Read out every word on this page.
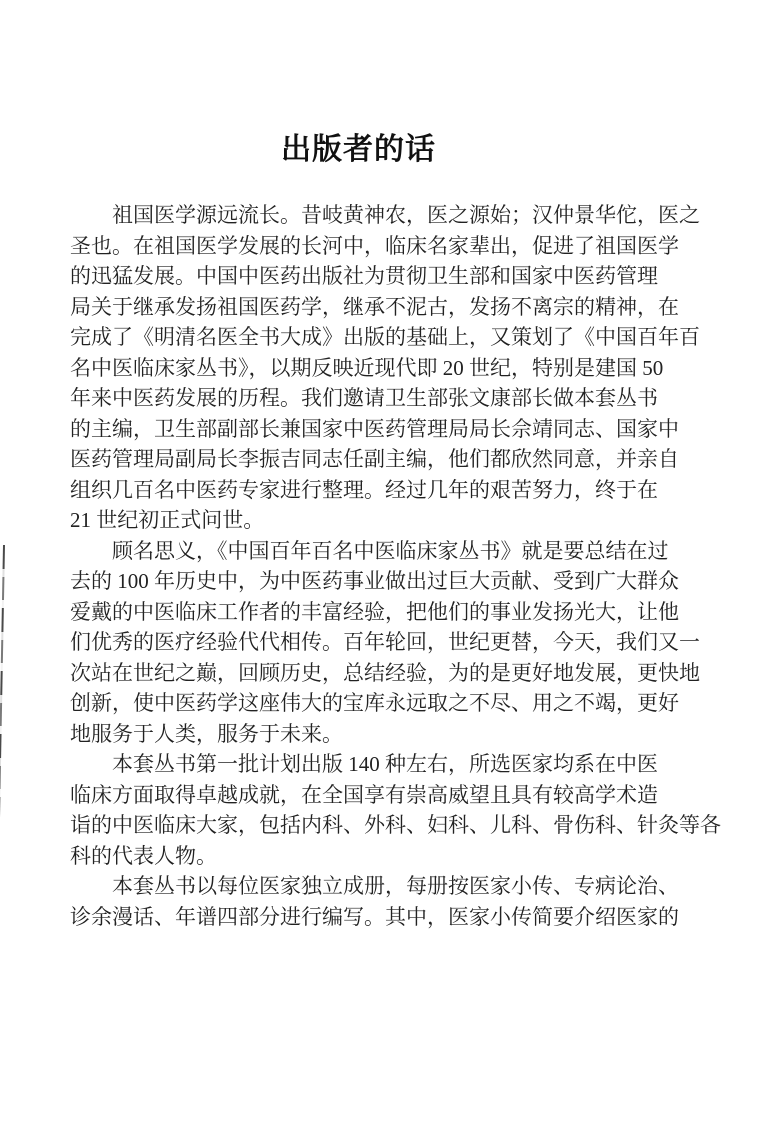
出版者的话
祖国医学源远流长。昔岐黄神农，医之源始；汉仲景华佗，医之
圣也。在祖国医学发展的长河中，临床名家辈出，促进了祖国医学
的迅猛发展。中国中医药出版社为贯彻卫生部和国家中医药管理
局关于继承发扬祖国医药学，继承不泥古，发扬不离宗的精神，在
完成了《明清名医全书大成》出版的基础上，又策划了《中国百年百
名中医临床家丛书》，以期反映近现代即 20 世纪，特别是建国 50
年来中医药发展的历程。我们邀请卫生部张文康部长做本套丛书
的主编，卫生部副部长兼国家中医药管理局局长佘靖同志、国家中
医药管理局副局长李振吉同志任副主编，他们都欣然同意，并亲自
组织几百名中医药专家进行整理。经过几年的艰苦努力，终于在
21 世纪初正式问世。
顾名思义，《中国百年百名中医临床家丛书》就是要总结在过
去的 100 年历史中，为中医药事业做出过巨大贡献、受到广大群众
爱戴的中医临床工作者的丰富经验，把他们的事业发扬光大，让他
们优秀的医疗经验代代相传。百年轮回，世纪更替，今天，我们又一
次站在世纪之巅，回顾历史，总结经验，为的是更好地发展，更快地
创新，使中医药学这座伟大的宝库永远取之不尽、用之不竭，更好
地服务于人类，服务于未来。
本套丛书第一批计划出版 140 种左右，所选医家均系在中医
临床方面取得卓越成就，在全国享有崇高威望且具有较高学术造
诣的中医临床大家，包括内科、外科、妇科、儿科、骨伤科、针灸等各
科的代表人物。
本套丛书以每位医家独立成册，每册按医家小传、专病论治、
诊余漫话、年谱四部分进行编写。其中，医家小传简要介绍医家的
